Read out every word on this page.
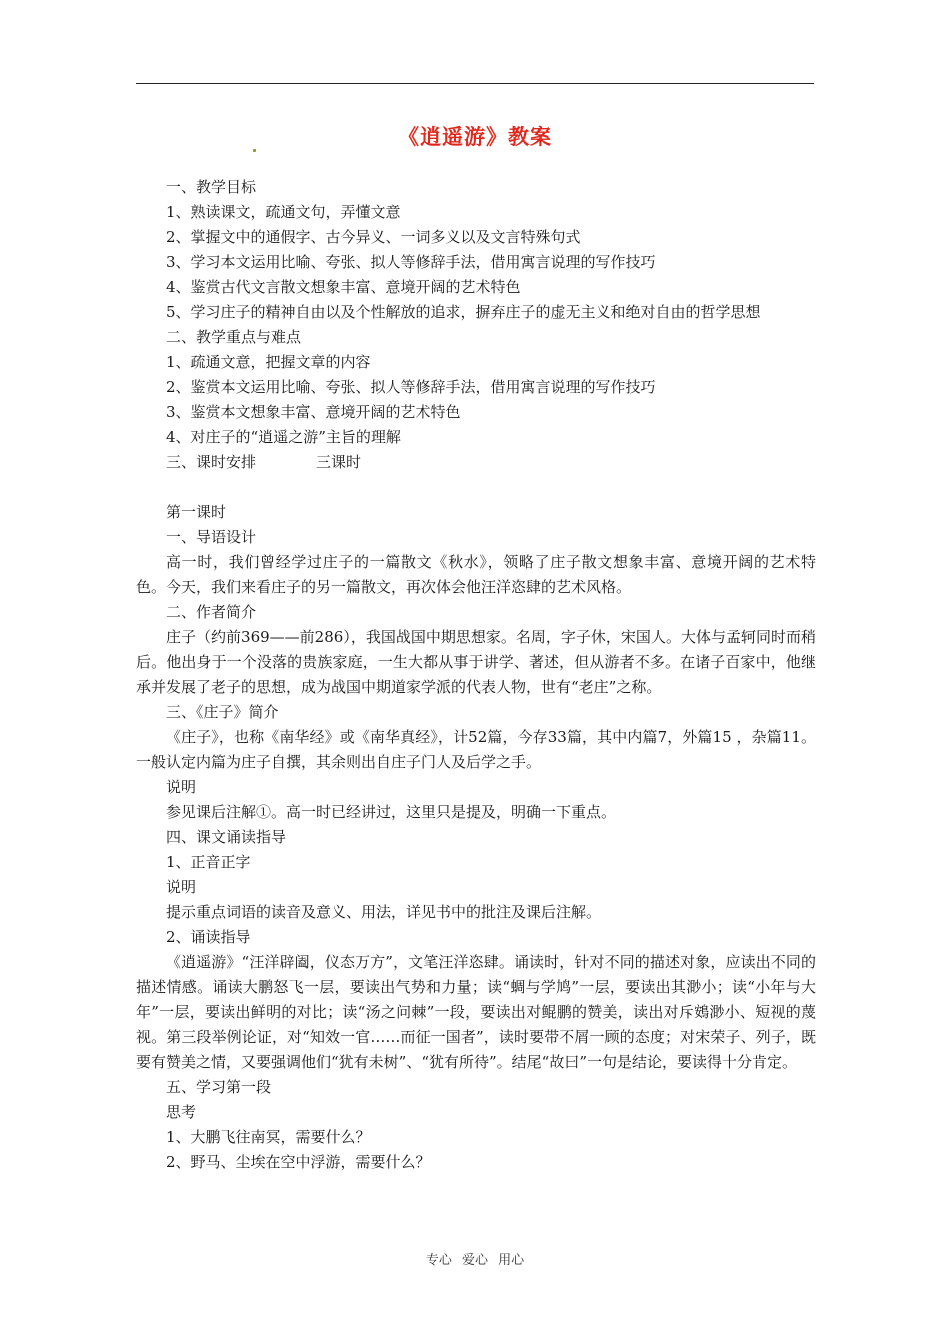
《逍遥游》教案

一、教学目标

1、熟读课文，疏通文句，弄懂文意

2、掌握文中的通假字、古今异义、一词多义以及文言特殊句式

3、学习本文运用比喻、夸张、拟人等修辞手法，借用寓言说理的写作技巧

4、鉴赏古代文言散文想象丰富、意境开阔的艺术特色

5、学习庄子的精神自由以及个性解放的追求，摒弃庄子的虚无主义和绝对自由的哲学思想

二、教学重点与难点

1、疏通文意，把握文章的内容

2、鉴赏本文运用比喻、夸张、拟人等修辞手法，借用寓言说理的写作技巧

3、鉴赏本文想象丰富、意境开阔的艺术特色

4、对庄子的“逍遥之游”主旨的理解

三、课时安排　　　　三课时

第一课时

一、导语设计

高一时，我们曾经学过庄子的一篇散文《秋水》，领略了庄子散文想象丰富、意境开阔的艺术特色。今天，我们来看庄子的另一篇散文，再次体会他汪洋恣肆的艺术风格。

二、作者简介

庄子（约前369——前286），我国战国中期思想家。名周，字子休，宋国人。大体与孟轲同时而稍后。他出身于一个没落的贵族家庭，一生大都从事于讲学、著述，但从游者不多。在诸子百家中，他继承并发展了老子的思想，成为战国中期道家学派的代表人物，世有“老庄”之称。

三、《庄子》简介

《庄子》，也称《南华经》或《南华真经》，计52篇，今存33篇，其中内篇7，外篇15 ，杂篇11。一般认定内篇为庄子自撰，其余则出自庄子门人及后学之手。

说明

参见课后注解①。高一时已经讲过，这里只是提及，明确一下重点。

四、课文诵读指导

1、正音正字

说明

提示重点词语的读音及意义、用法，详见书中的批注及课后注解。

2、诵读指导

《逍遥游》“汪洋辟阖，仪态万方”，文笔汪洋恣肆。诵读时，针对不同的描述对象，应读出不同的描述情感。诵读大鹏怒飞一层，要读出气势和力量；读“蜩与学鸠”一层，要读出其渺小；读“小年与大年”一层，要读出鲜明的对比；读“汤之问棘”一段，要读出对鲲鹏的赞美，读出对斥鴳渺小、短视的蔑视。第三段举例论证，对“知效一官……而征一国者”，读时要带不屑一顾的态度；对宋荣子、列子，既要有赞美之情，又要强调他们“犹有未树”、“犹有所待”。结尾“故曰”一句是结论，要读得十分肯定。

五、学习第一段

思考

1、大鹏飞往南冥，需要什么？

2、野马、尘埃在空中浮游，需要什么？

专心 爱心 用心
